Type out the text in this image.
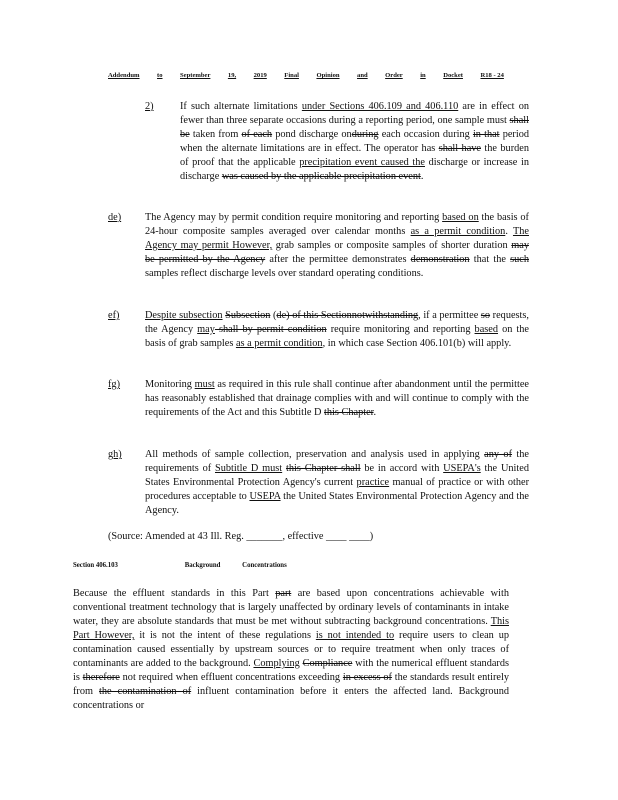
Addendum	to	September	19,	2019	Final	Opinion	and	Order	in	Docket	R18 - 24
2)	If such alternate limitations under Sections 406.109 and 406.110 are in effect on fewer than three separate occasions during a reporting period, one sample must shall be taken from of each pond discharge onduring each occasion during in that period when the alternate limitations are in effect. The operator has shall have the burden of proof that the applicable precipitation event caused the discharge or increase in discharge was caused by the applicable precipitation event.
de) The Agency may by permit condition require monitoring and reporting based on the basis of 24-hour composite samples averaged over calendar months as a permit condition. The Agency may permit However, grab samples or composite samples of shorter duration may be permitted by the Agency after the permittee demonstrates demonstration that the such samples reflect discharge levels over standard operating conditions.
ef) Despite subsection Subsection (de) of this Sectionnotwithstanding, if a permittee so requests, the Agency may shall by permit condition require monitoring and reporting based on the basis of grab samples as a permit condition, in which case Section 406.101(b) will apply.
fg) Monitoring must as required in this rule shall continue after abandonment until the permittee has reasonably established that drainage complies with and will continue to comply with the requirements of the Act and this Subtitle D this Chapter.
gh) All methods of sample collection, preservation and analysis used in applying any of the requirements of Subtitle D must this Chapter shall be in accord with USEPA's the United States Environmental Protection Agency's current practice manual of practice or with other procedures acceptable to USEPA the United States Environmental Protection Agency and the Agency.
(Source: Amended at 43 Ill. Reg. _______, effective ____ ____)
Section 406.103	Background Concentrations
Because the effluent standards in this Part part are based upon concentrations achievable with conventional treatment technology that is largely unaffected by ordinary levels of contaminants in intake water, they are absolute standards that must be met without subtracting background concentrations. This Part However, it is not the intent of these regulations is not intended to require users to clean up contamination caused essentially by upstream sources or to require treatment when only traces of contaminants are added to the background. Complying Compliance with the numerical effluent standards is therefore not required when effluent concentrations exceeding in excess of the standards result entirely from the contamination of influent contamination before it enters the affected land. Background concentrations or
